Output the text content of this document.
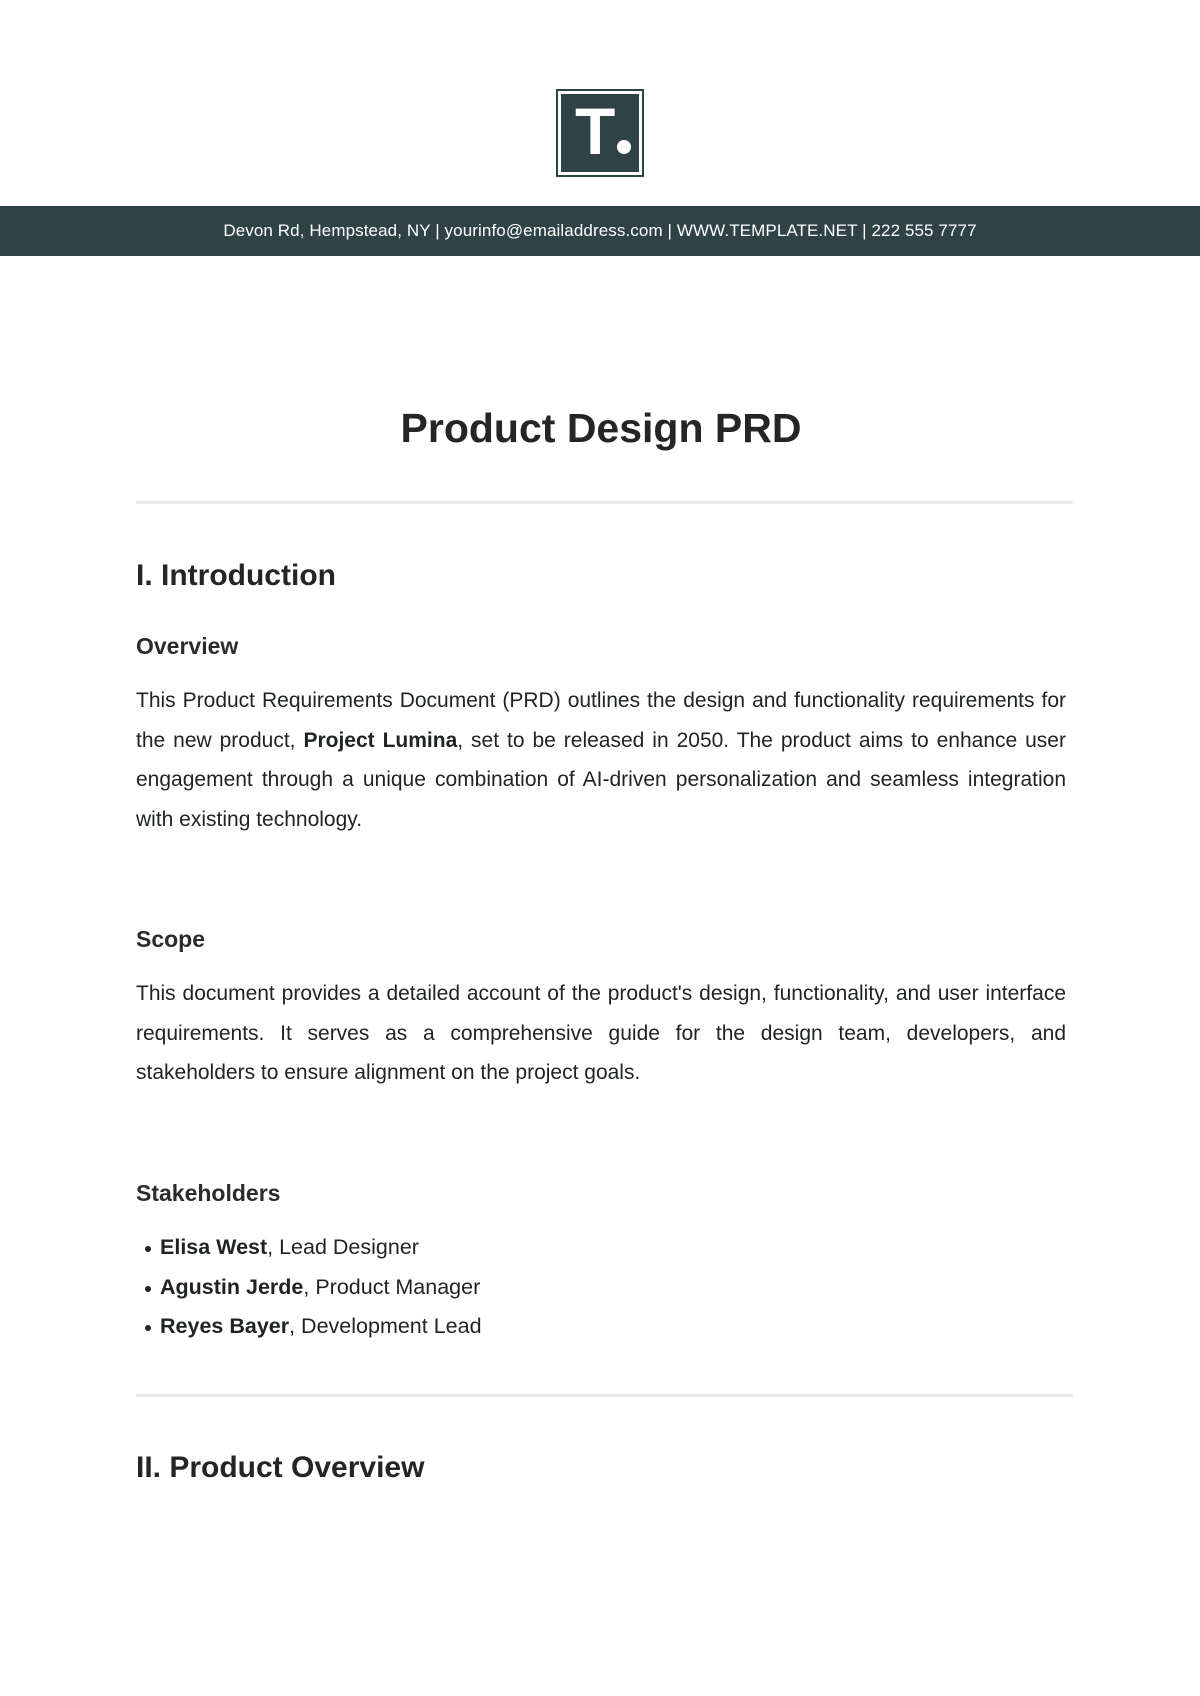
T
Devon Rd, Hempstead, NY | yourinfo@emailaddress.com | WWW.TEMPLATE.NET | 222 555 7777
Product Design PRD
I. Introduction
Overview

This Product Requirements Document (PRD) outlines the design and functionality requirements for the new product, Project Lumina, set to be released in 2050. The product aims to enhance user engagement through a unique combination of AI-driven personalization and seamless integration with existing technology.

Scope

This document provides a detailed account of the product's design, functionality, and user interface requirements. It serves as a comprehensive guide for the design team, developers, and stakeholders to ensure alignment on the project goals.

Stakeholders
Elisa West, Lead Designer
Agustin Jerde, Product Manager
Reyes Bayer, Development Lead
II. Product Overview
